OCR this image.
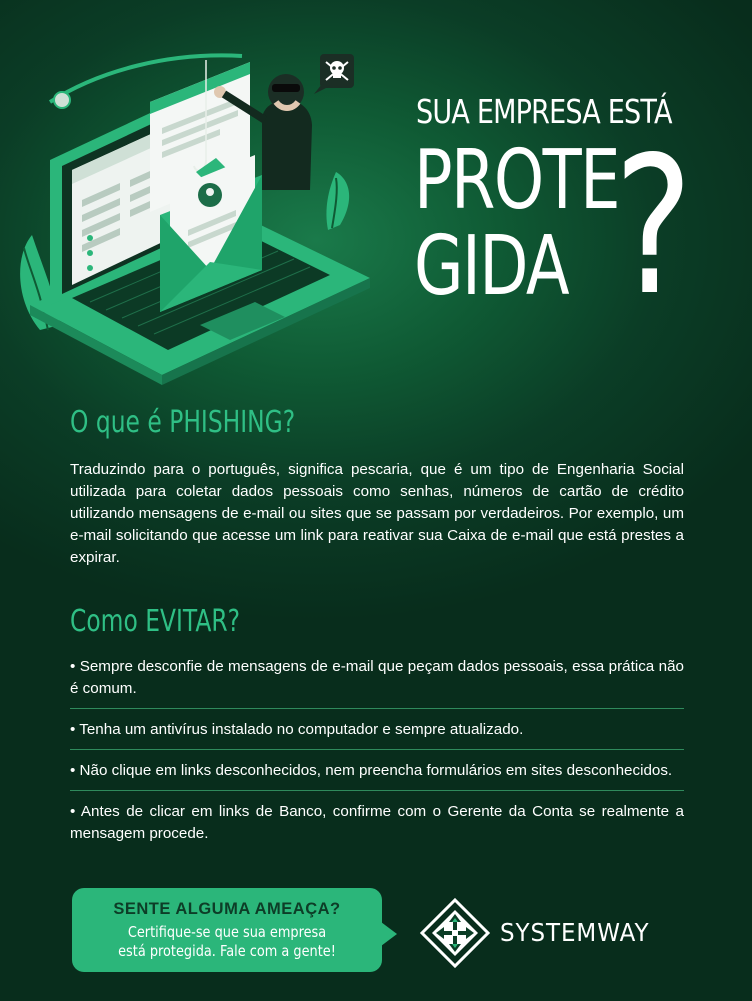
SUA EMPRESA ESTÁ
PROTE
GIDA ?
O que é PHISHING?
Traduzindo para o português, significa pescaria, que é um tipo de Engenharia Social utilizada para coletar dados pessoais como senhas, números de cartão de crédito utilizando mensagens de e-mail ou sites que se passam por verdadeiros. Por exemplo, um e-mail solicitando que acesse um link para reativar sua Caixa de e-mail que está prestes a expirar.
Como EVITAR?
• Sempre desconfie de mensagens de e-mail que peçam dados pessoais, essa prática não é comum.
• Tenha um antivírus instalado no computador e sempre atualizado.
• Não clique em links desconhecidos, nem preencha formulários em sites desconhecidos.
• Antes de clicar em links de Banco, confirme com o Gerente da Conta se realmente a mensagem procede.
SENTE ALGUMA AMEAÇA?
Certifique-se que sua empresa
está protegida. Fale com a gente!
SYSTEMWAY
